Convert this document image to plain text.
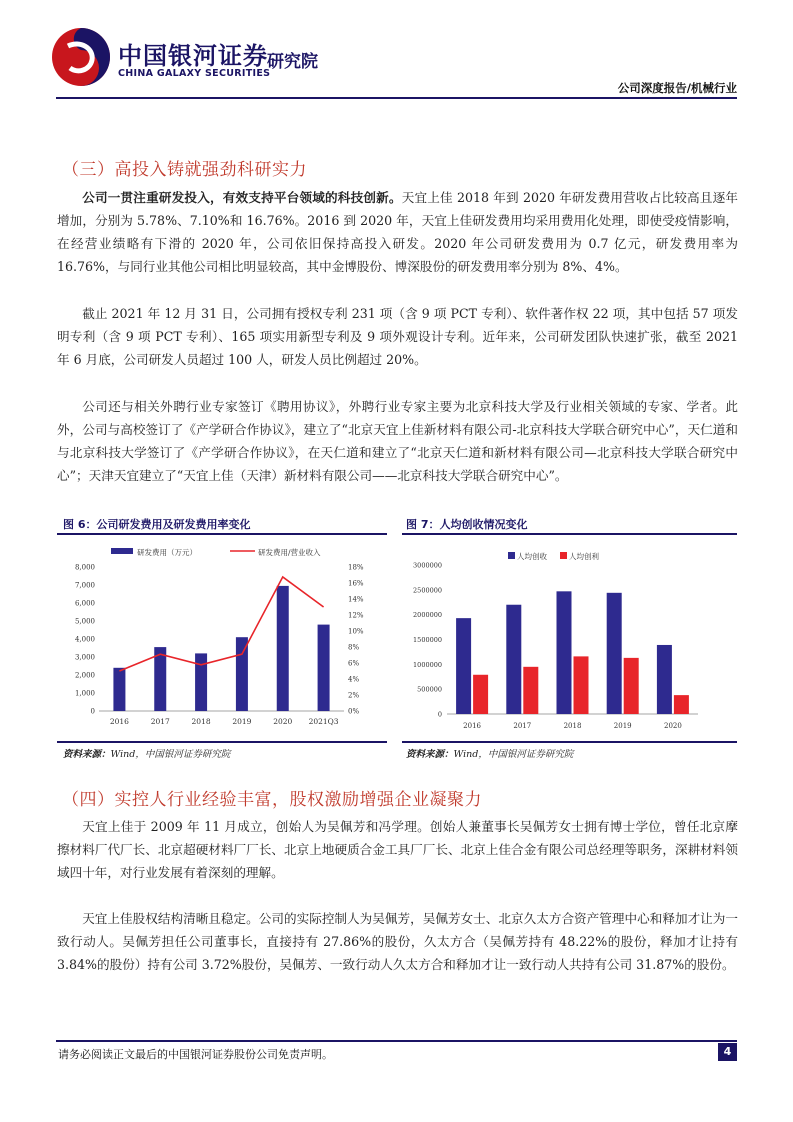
中国银河证券
CHINA GALAXY SECURITIES
研究院
公司深度报告/机械行业
（三）高投入铸就强劲科研实力
公司一贯注重研发投入，有效支持平台领域的科技创新。天宜上佳 2018 年到 2020 年研发费用营收占比较高且逐年增加，分别为 5.78%、7.10%和 16.76%。2016 到 2020 年，天宜上佳研发费用均采用费用化处理，即使受疫情影响，在经营业绩略有下滑的 2020 年，公司依旧保持高投入研发。2020 年公司研发费用为 0.7 亿元，研发费用率为 16.76%，与同行业其他公司相比明显较高，其中金博股份、博深股份的研发费用率分别为 8%、4%。
截止 2021 年 12 月 31 日，公司拥有授权专利 231 项（含 9 项 PCT 专利）、软件著作权 22 项，其中包括 57 项发明专利（含 9 项 PCT 专利）、165 项实用新型专利及 9 项外观设计专利。近年来，公司研发团队快速扩张，截至 2021 年 6 月底，公司研发人员超过 100 人，研发人员比例超过 20%。
公司还与相关外聘行业专家签订《聘用协议》，外聘行业专家主要为北京科技大学及行业相关领域的专家、学者。此外，公司与高校签订了《产学研合作协议》，建立了“北京天宜上佳新材料有限公司-北京科技大学联合研究中心”，天仁道和与北京科技大学签订了《产学研合作协议》，在天仁道和建立了“北京天仁道和新材料有限公司—北京科技大学联合研究中心”；天津天宜建立了“天宜上佳（天津）新材料有限公司——北京科技大学联合研究中心”。
图 6：公司研发费用及研发费用率变化	图 7：人均创收情况变化
研发费用（万元）	研发费用/营业收入
0
1,000
2,000
3,000
4,000
5,000
6,000
7,000
8,000
0%
2%
4%
6%
8%
10%
12%
14%
16%
18%
2016	2017	2018	2019	2020 2021Q3
人均创收	人均创利
0
500000
1000000
1500000
2000000
2500000
3000000
2016	2017	2018	2019	2020
资料来源：Wind，中国银河证券研究院	资料来源：Wind，中国银河证券研究院
（四）实控人行业经验丰富，股权激励增强企业凝聚力
天宜上佳于 2009 年 11 月成立，创始人为吴佩芳和冯学理。创始人兼董事长吴佩芳女士拥有博士学位，曾任北京摩擦材料厂代厂长、北京超硬材料厂厂长、北京上地硬质合金工具厂厂长、北京上佳合金有限公司总经理等职务，深耕材料领域四十年，对行业发展有着深刻的理解。
天宜上佳股权结构清晰且稳定。公司的实际控制人为吴佩芳，吴佩芳女士、北京久太方合资产管理中心和释加才让为一致行动人。吴佩芳担任公司董事长，直接持有 27.86%的股份，久太方合（吴佩芳持有 48.22%的股份，释加才让持有 3.84%的股份）持有公司 3.72%股份，吴佩芳、一致行动人久太方合和释加才让一致行动人共持有公司 31.87%的股份。
请务必阅读正文最后的中国银河证券股份公司免责声明。	4
